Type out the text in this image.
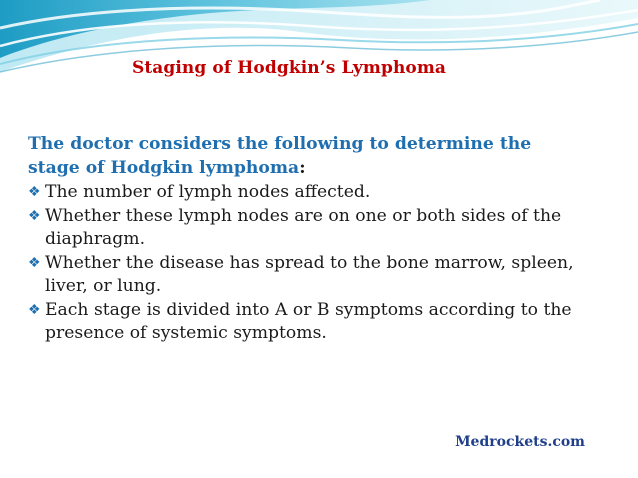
Staging of Hodgkin’s Lymphoma

The doctor considers the following to determine the stage of Hodgkin lymphoma:

❖ The number of lymph nodes affected.
❖ Whether these lymph nodes are on one or both sides of the diaphragm.
❖ Whether the disease has spread to the bone marrow, spleen, liver, or lung.
❖ Each stage is divided into A or B symptoms according to the presence of systemic symptoms.
Medrockets.com
